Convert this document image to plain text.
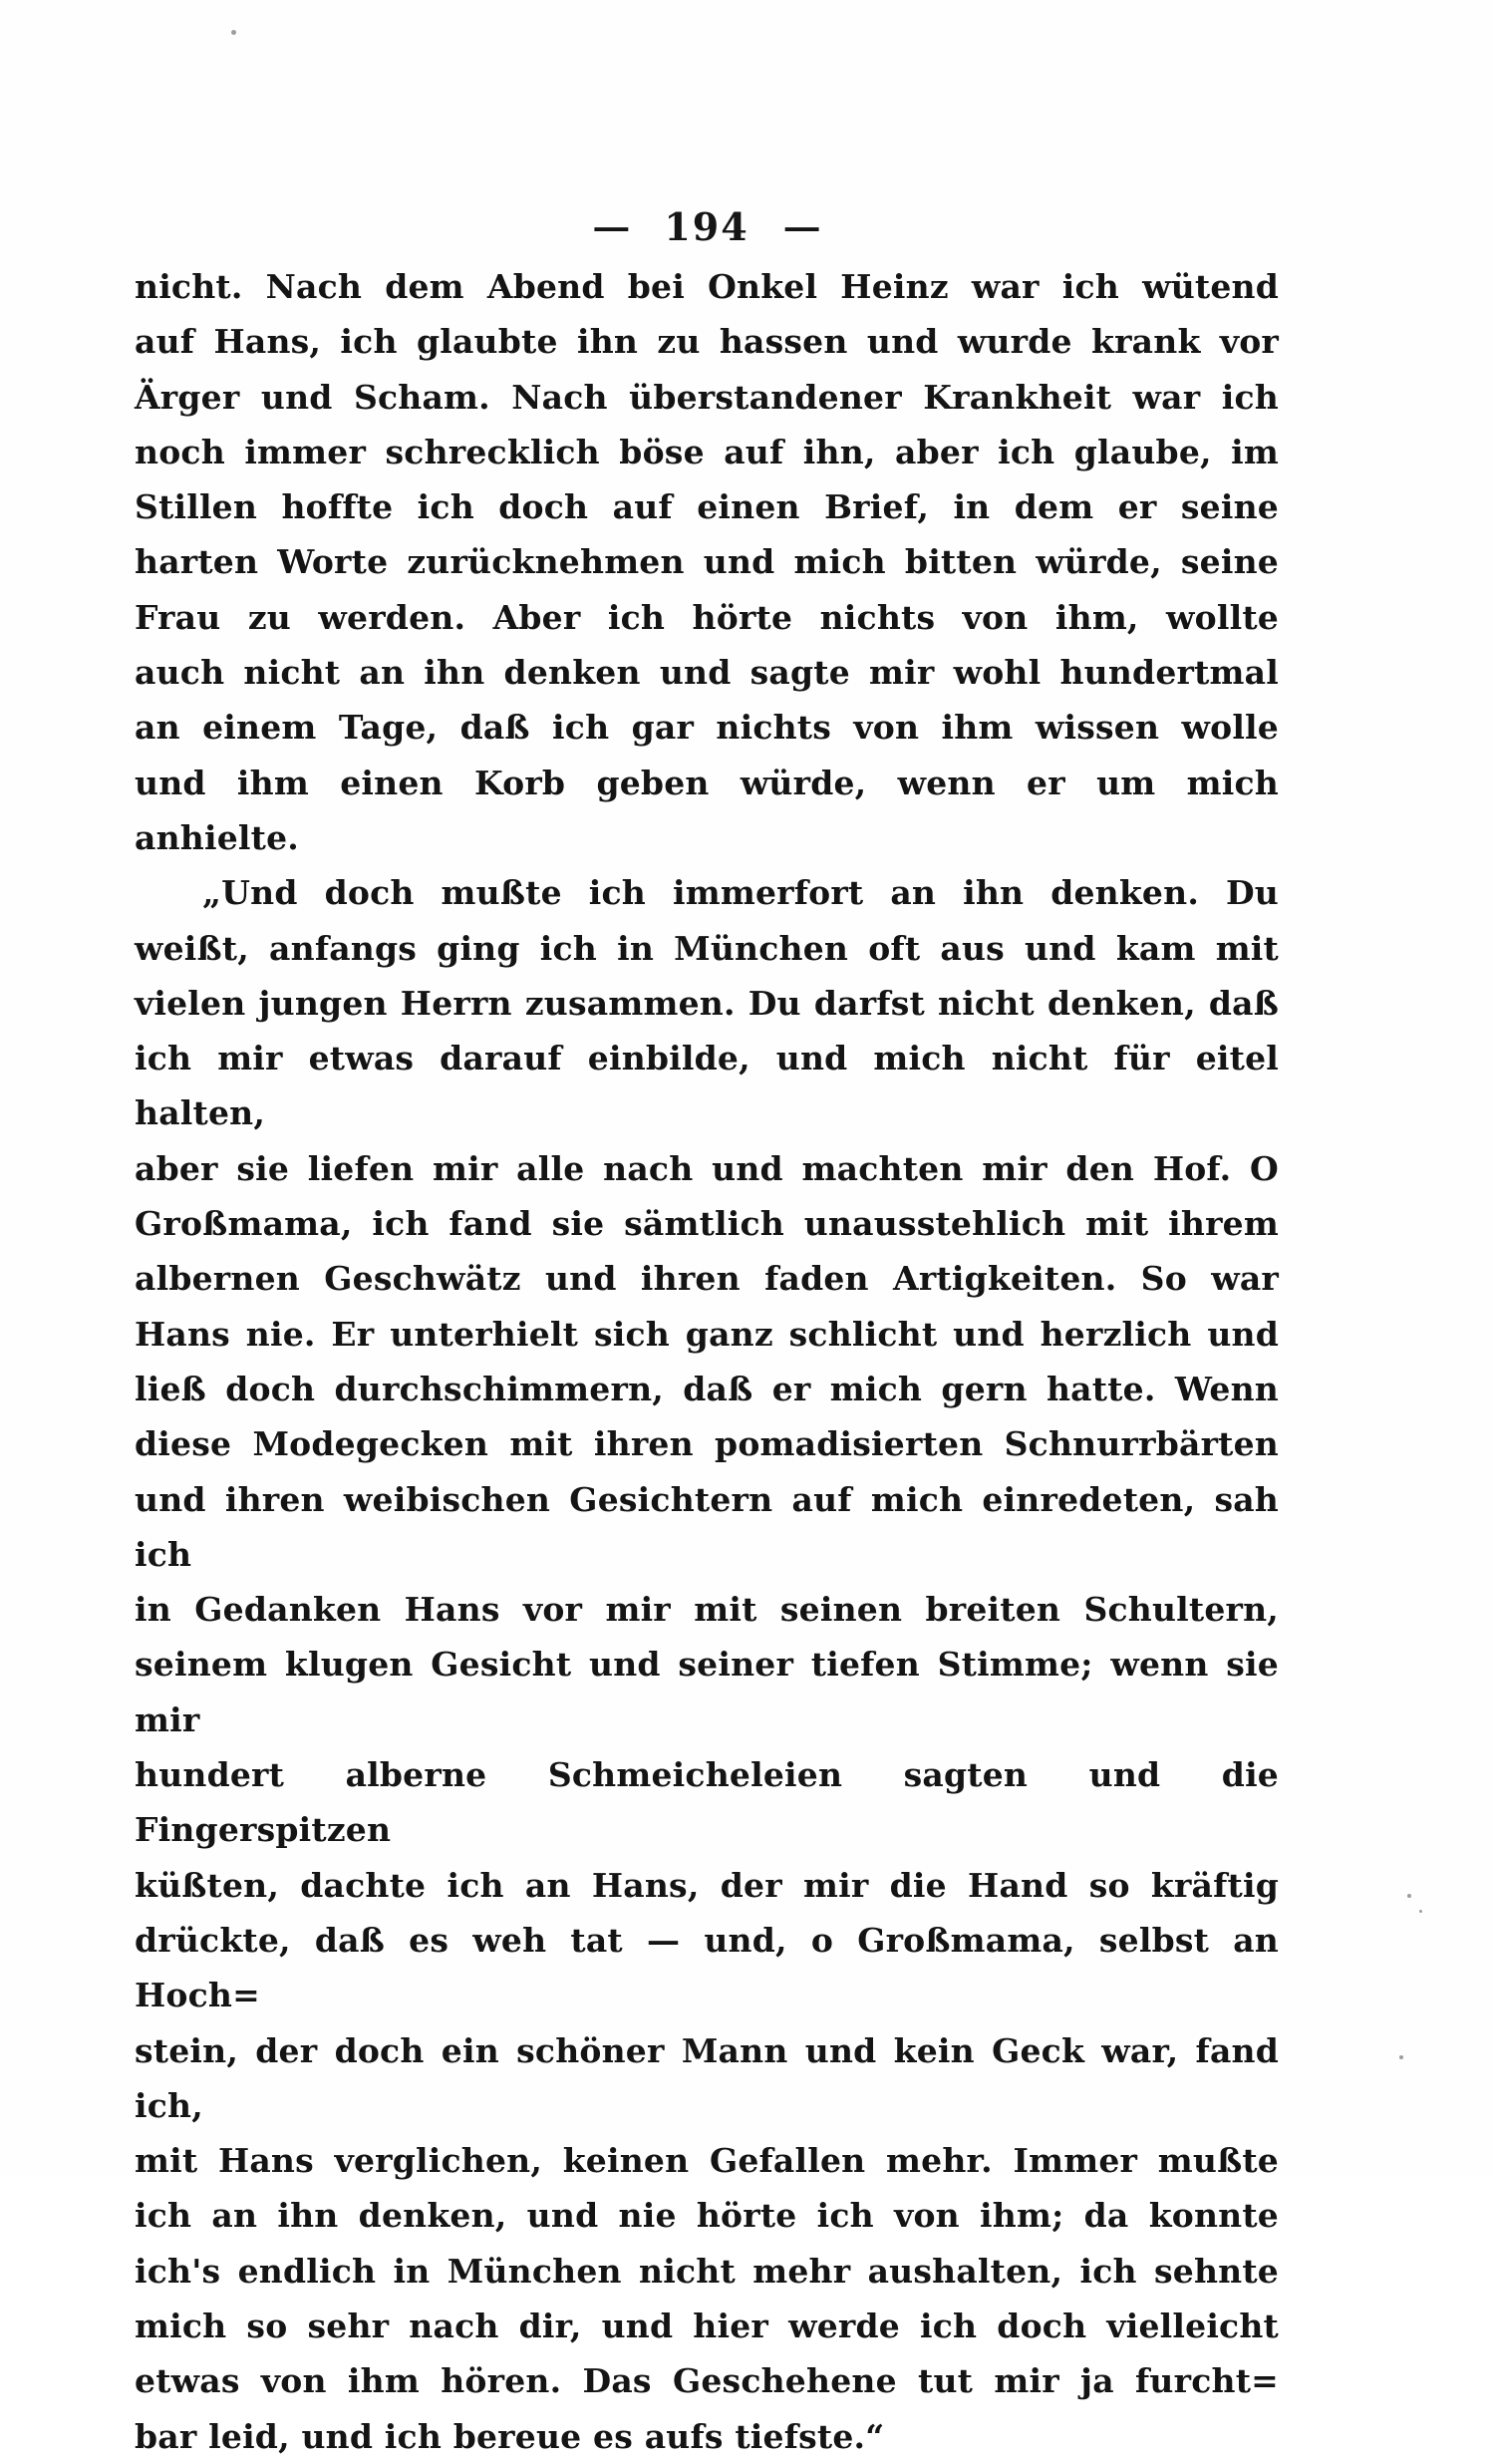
— 194 —
nicht. Nach dem Abend bei Onkel Heinz war ich wütend
auf Hans, ich glaubte ihn zu hassen und wurde krank vor
Ärger und Scham. Nach überstandener Krankheit war ich
noch immer schrecklich böse auf ihn, aber ich glaube, im
Stillen hoffte ich doch auf einen Brief, in dem er seine
harten Worte zurücknehmen und mich bitten würde, seine
Frau zu werden. Aber ich hörte nichts von ihm, wollte
auch nicht an ihn denken und sagte mir wohl hundertmal
an einem Tage, daß ich gar nichts von ihm wissen wolle
und ihm einen Korb geben würde, wenn er um mich anhielte.
„Und doch mußte ich immerfort an ihn denken. Du
weißt, anfangs ging ich in München oft aus und kam mit
vielen jungen Herrn zusammen. Du darfst nicht denken, daß
ich mir etwas darauf einbilde, und mich nicht für eitel halten,
aber sie liefen mir alle nach und machten mir den Hof. O
Großmama, ich fand sie sämtlich unausstehlich mit ihrem
albernen Geschwätz und ihren faden Artigkeiten. So war
Hans nie. Er unterhielt sich ganz schlicht und herzlich und
ließ doch durchschimmern, daß er mich gern hatte. Wenn
diese Modegecken mit ihren pomadisierten Schnurrbärten
und ihren weibischen Gesichtern auf mich einredeten, sah ich
in Gedanken Hans vor mir mit seinen breiten Schultern,
seinem klugen Gesicht und seiner tiefen Stimme; wenn sie mir
hundert alberne Schmeicheleien sagten und die Fingerspitzen
küßten, dachte ich an Hans, der mir die Hand so kräftig
drückte, daß es weh tat — und, o Großmama, selbst an Hoch=
stein, der doch ein schöner Mann und kein Geck war, fand ich,
mit Hans verglichen, keinen Gefallen mehr. Immer mußte
ich an ihn denken, und nie hörte ich von ihm; da konnte
ich's endlich in München nicht mehr aushalten, ich sehnte
mich so sehr nach dir, und hier werde ich doch vielleicht
etwas von ihm hören. Das Geschehene tut mir ja furcht=
bar leid, und ich bereue es aufs tiefste.“
